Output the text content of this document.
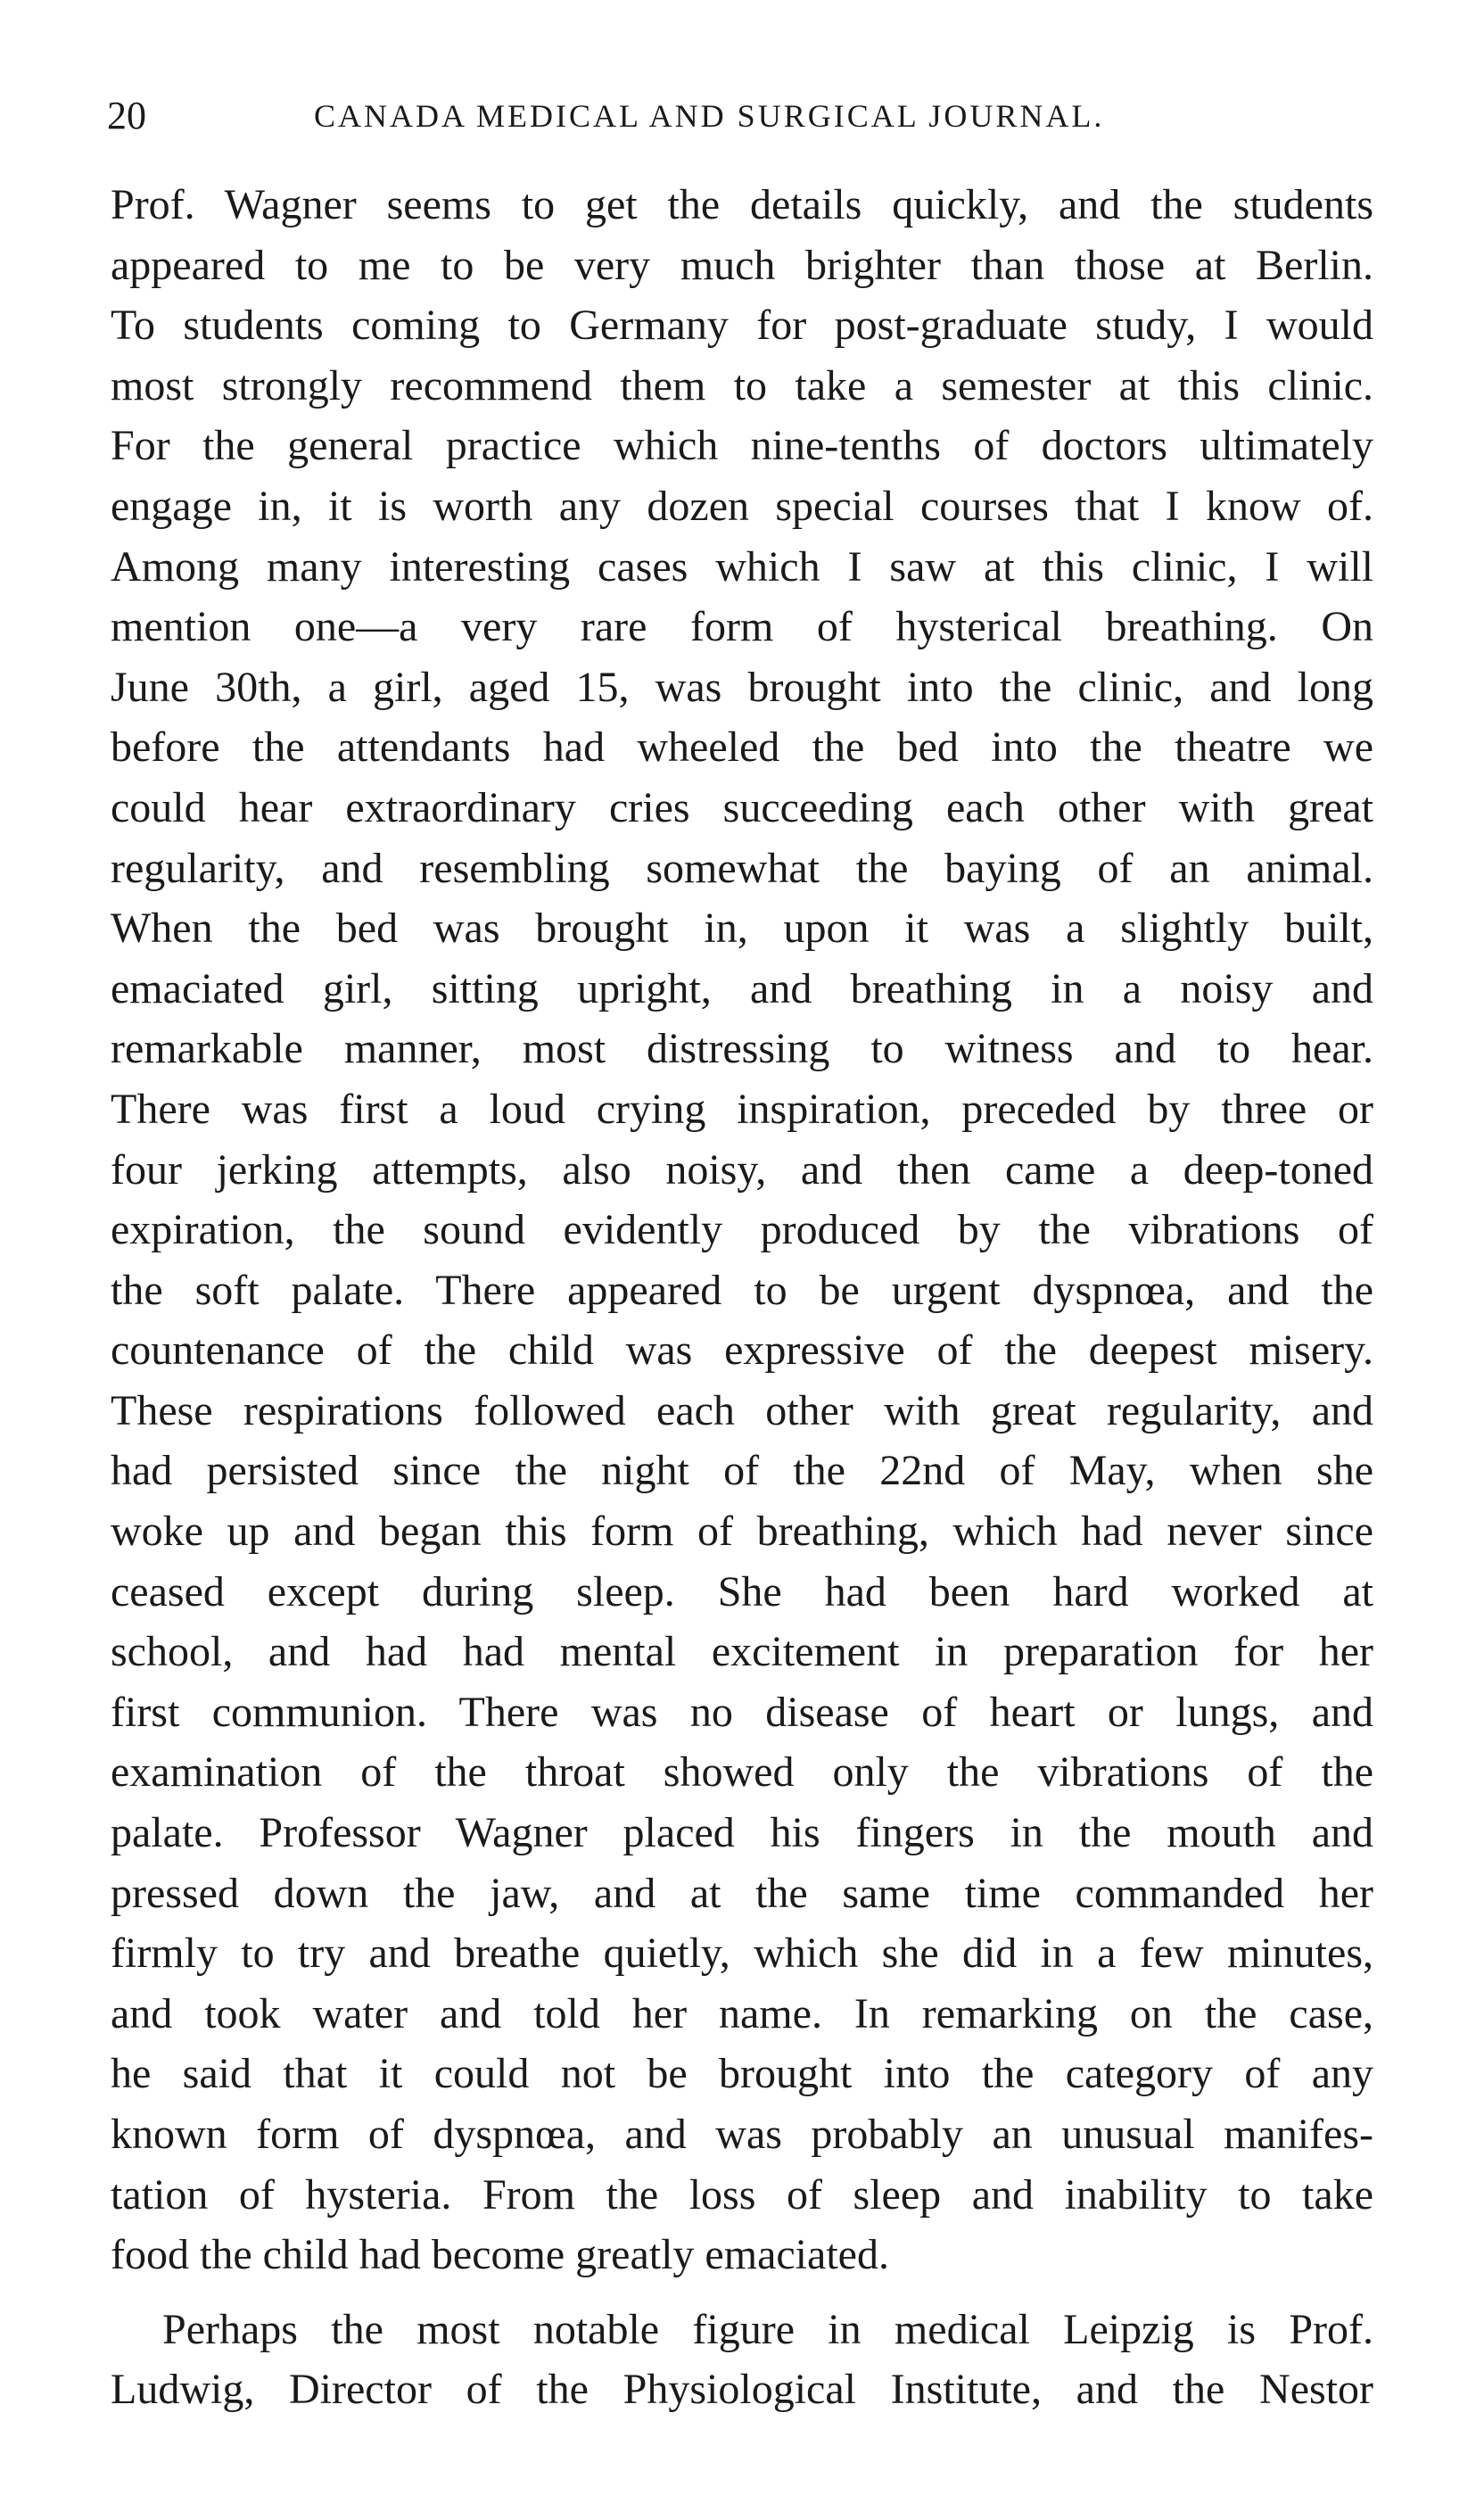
20	CANADA MEDICAL AND SURGICAL JOURNAL.
Prof. Wagner seems to get the details quickly, and the students
appeared to me to be very much brighter than those at Berlin.
To students coming to Germany for post-graduate study, I would
most strongly recommend them to take a semester at this clinic.
For the general practice which nine-tenths of doctors ultimately
engage in, it is worth any dozen special courses that I know of.
Among many interesting cases which I saw at this clinic, I will
mention one—a very rare form of hysterical breathing. On
June 30th, a girl, aged 15, was brought into the clinic, and long
before the attendants had wheeled the bed into the theatre we
could hear extraordinary cries succeeding each other with great
regularity, and resembling somewhat the baying of an animal.
When the bed was brought in, upon it was a slightly built,
emaciated girl, sitting upright, and breathing in a noisy and
remarkable manner, most distressing to witness and to hear.
There was first a loud crying inspiration, preceded by three or
four jerking attempts, also noisy, and then came a deep-toned
expiration, the sound evidently produced by the vibrations of
the soft palate. There appeared to be urgent dyspnœa, and the
countenance of the child was expressive of the deepest misery.
These respirations followed each other with great regularity, and
had persisted since the night of the 22nd of May, when she
woke up and began this form of breathing, which had never since
ceased except during sleep. She had been hard worked at
school, and had had mental excitement in preparation for her
first communion. There was no disease of heart or lungs, and
examination of the throat showed only the vibrations of the
palate. Professor Wagner placed his fingers in the mouth and
pressed down the jaw, and at the same time commanded her
firmly to try and breathe quietly, which she did in a few minutes,
and took water and told her name. In remarking on the case,
he said that it could not be brought into the category of any
known form of dyspnœa, and was probably an unusual manifes-
tation of hysteria. From the loss of sleep and inability to take
food the child had become greatly emaciated.
Perhaps the most notable figure in medical Leipzig is Prof.
Ludwig, Director of the Physiological Institute, and the Nestor
